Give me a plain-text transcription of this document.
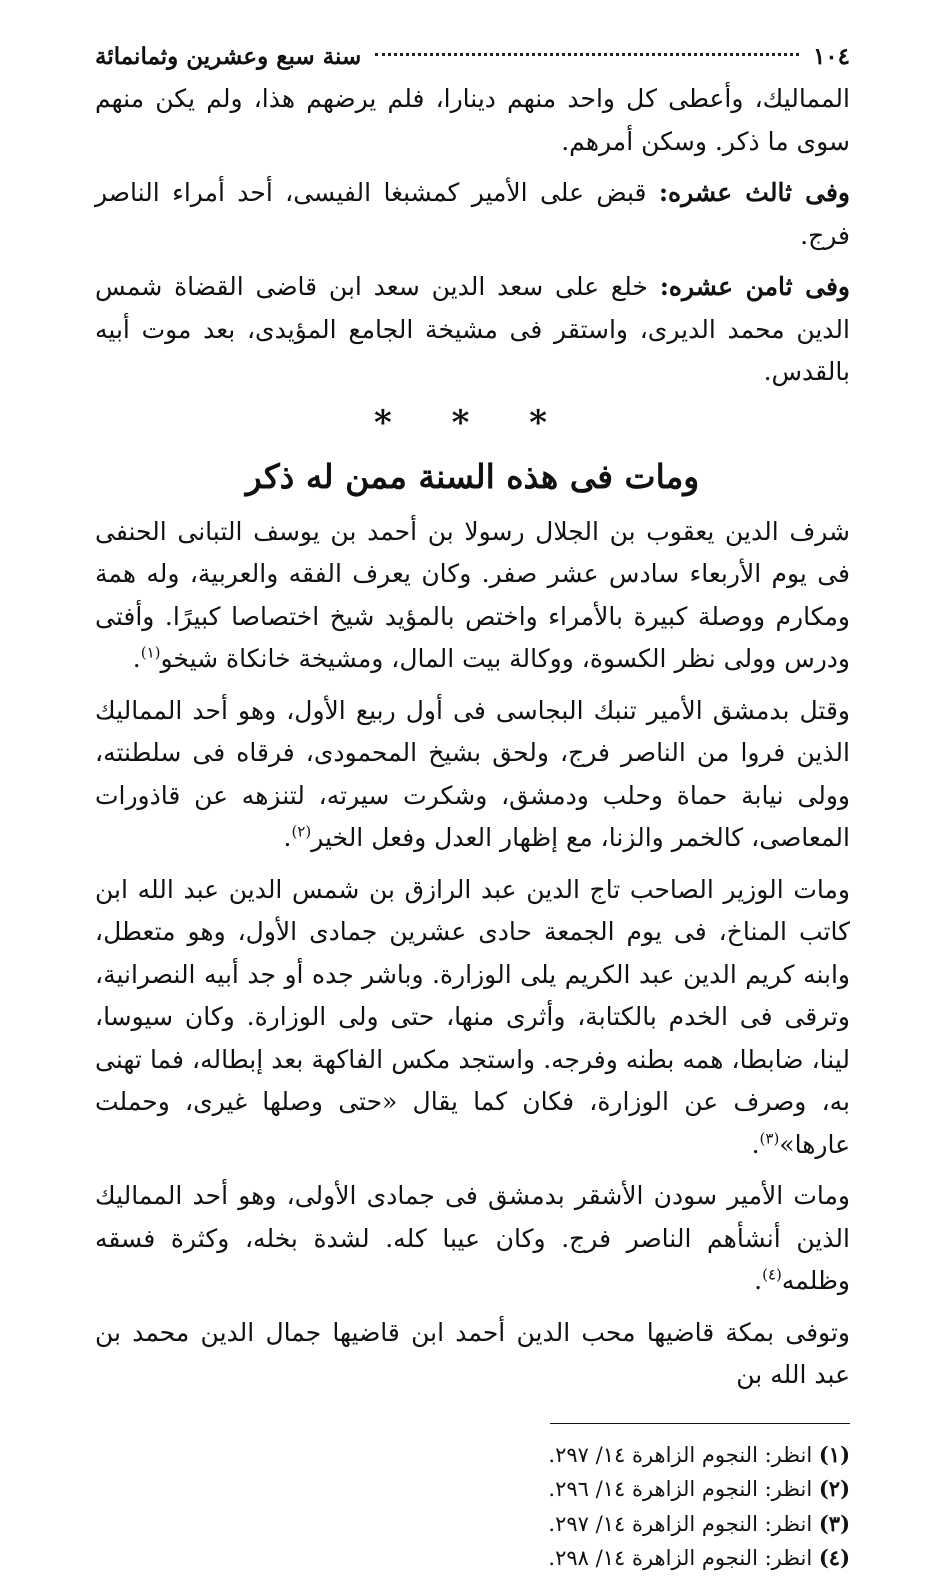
١٠٤
سنة سبع وعشرين وثمانمائة

المماليك، وأعطى كل واحد منهم دينارا، فلم يرضهم هذا، ولم يكن منهم سوى ما ذكر. وسكن أمرهم.

وفى ثالث عشره: قبض على الأمير كمشبغا الفيسى، أحد أمراء الناصر فرج.

وفى ثامن عشره: خلع على سعد الدين سعد ابن قاضى القضاة شمس الدين محمد الديرى، واستقر فى مشيخة الجامع المؤيدى، بعد موت أبيه بالقدس.

* * *
ومات فى هذه السنة ممن له ذكر

شرف الدين يعقوب بن الجلال رسولا بن أحمد بن يوسف التبانى الحنفى فى يوم الأربعاء سادس عشر صفر. وكان يعرف الفقه والعربية، وله همة ومكارم ووصلة كبيرة بالأمراء واختص بالمؤيد شيخ اختصاصا كبيرًا. وأفتى ودرس وولى نظر الكسوة، ووكالة بيت المال، ومشيخة خانكاة شيخو$^{(١)}$.

وقتل بدمشق الأمير تنبك البجاسى فى أول ربيع الأول، وهو أحد المماليك الذين فروا من الناصر فرج، ولحق بشيخ المحمودى، فرقاه فى سلطنته، وولى نيابة حماة وحلب ودمشق، وشكرت سيرته، لتنزهه عن قاذورات المعاصى، كالخمر والزنا، مع إظهار العدل وفعل الخير$^{(٢)}$.

ومات الوزير الصاحب تاج الدين عبد الرازق بن شمس الدين عبد الله ابن كاتب المناخ، فى يوم الجمعة حادى عشرين جمادى الأول، وهو متعطل، وابنه كريم الدين عبد الكريم يلى الوزارة. وباشر جده أو جد أبيه النصرانية، وترقى فى الخدم بالكتابة، وأثرى منها، حتى ولى الوزارة. وكان سيوسا، لينا، ضابطا، همه بطنه وفرجه. واستجد مكس الفاكهة بعد إبطاله، فما تهنى به، وصرف عن الوزارة، فكان كما يقال «حتى وصلها غيرى، وحملت عارها»$^{(٣)}$.

ومات الأمير سودن الأشقر بدمشق فى جمادى الأولى، وهو أحد المماليك الذين أنشأهم الناصر فرج. وكان عيبا كله. لشدة بخله، وكثرة فسقه وظلمه$^{(٤)}$.

وتوفى بمكة قاضيها محب الدين أحمد ابن قاضيها جمال الدين محمد بن عبد الله بن

(١) انظر: النجوم الزاهرة ١٤/ ٢٩٧.

(٢) انظر: النجوم الزاهرة ١٤/ ٢٩٦.

(٣) انظر: النجوم الزاهرة ١٤/ ٢٩٧.

(٤) انظر: النجوم الزاهرة ١٤/ ٢٩٨.
